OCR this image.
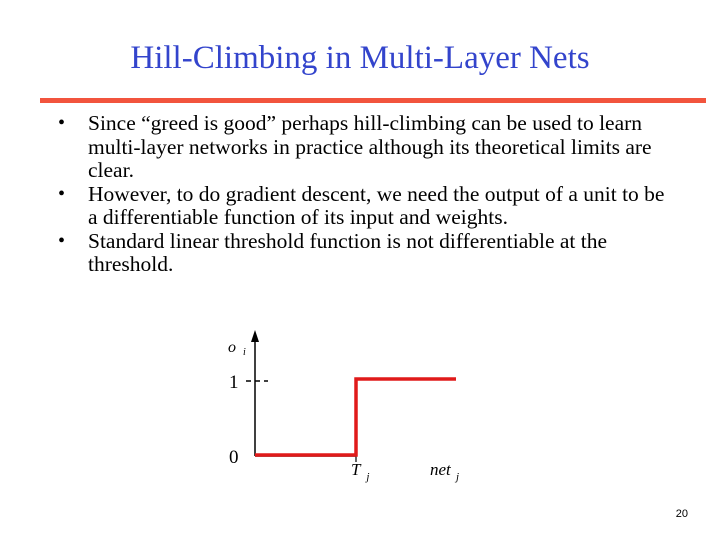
Hill-Climbing in Multi-Layer Nets
• Since “greed is good” perhaps hill-climbing can be used to learn multi-layer networks in practice although its theoretical limits are clear.
• However, to do gradient descent, we need the output of a unit to be a differentiable function of its input and weights.
• Standard linear threshold function is not differentiable at the threshold.
o i
1
0
T $_j$	net $_j$
20
